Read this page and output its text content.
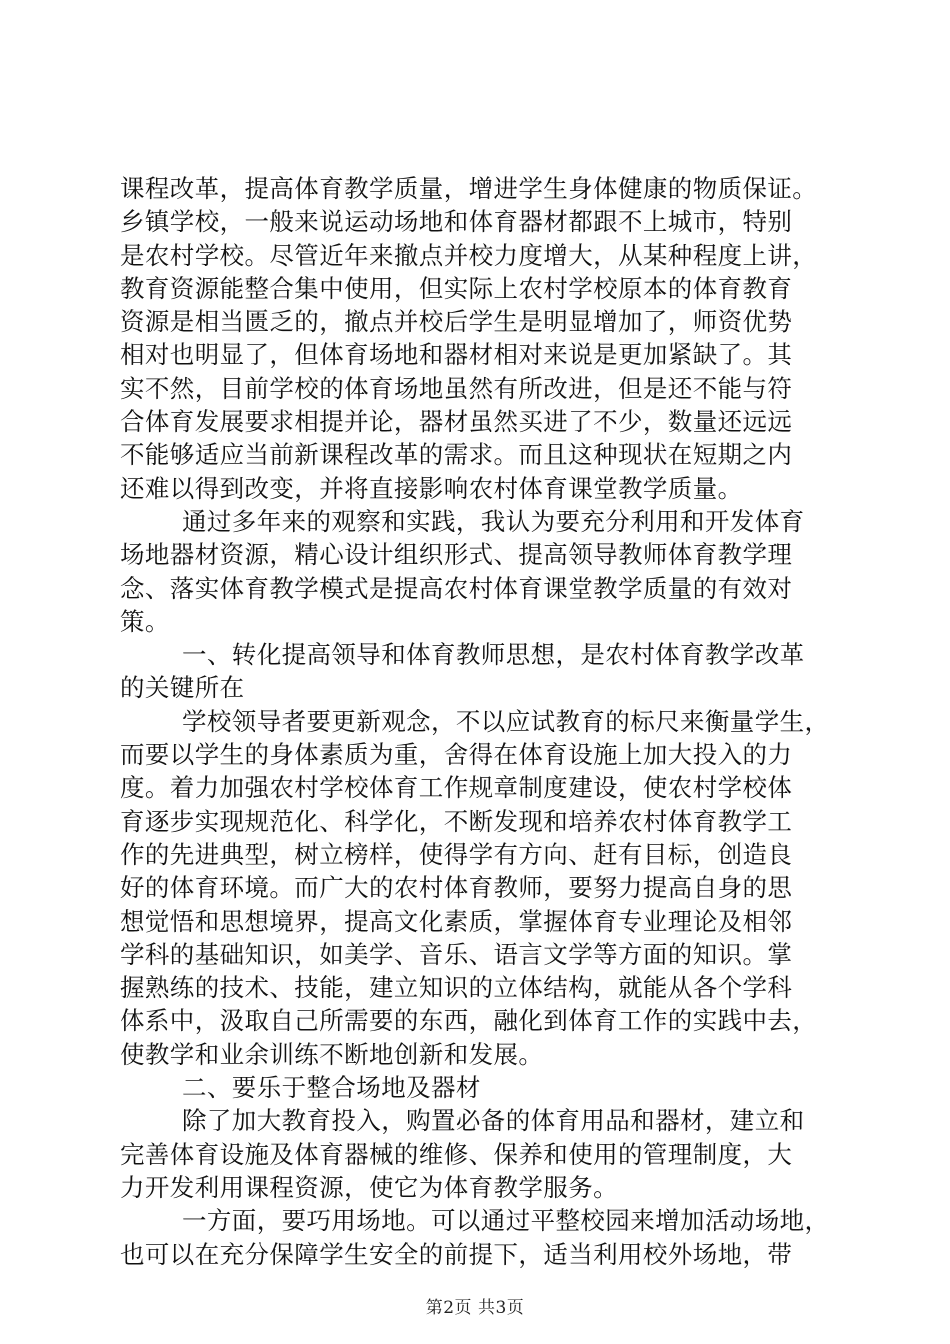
课程改革，提高体育教学质量，增进学生身体健康的物质保证。
乡镇学校，一般来说运动场地和体育器材都跟不上城市，特别
是农村学校。尽管近年来撤点并校力度增大，从某种程度上讲，
教育资源能整合集中使用，但实际上农村学校原本的体育教育
资源是相当匮乏的，撤点并校后学生是明显增加了，师资优势
相对也明显了，但体育场地和器材相对来说是更加紧缺了。其
实不然，目前学校的体育场地虽然有所改进，但是还不能与符
合体育发展要求相提并论，器材虽然买进了不少，数量还远远
不能够适应当前新课程改革的需求。而且这种现状在短期之内
还难以得到改变，并将直接影响农村体育课堂教学质量。
通过多年来的观察和实践，我认为要充分利用和开发体育
场地器材资源，精心设计组织形式、提高领导教师体育教学理
念、落实体育教学模式是提高农村体育课堂教学质量的有效对
策。
一、转化提高领导和体育教师思想，是农村体育教学改革
的关键所在
学校领导者要更新观念，不以应试教育的标尺来衡量学生，
而要以学生的身体素质为重，舍得在体育设施上加大投入的力
度。着力加强农村学校体育工作规章制度建设，使农村学校体
育逐步实现规范化、科学化，不断发现和培养农村体育教学工
作的先进典型，树立榜样，使得学有方向、赶有目标，创造良
好的体育环境。而广大的农村体育教师，要努力提高自身的思
想觉悟和思想境界，提高文化素质，掌握体育专业理论及相邻
学科的基础知识，如美学、音乐、语言文学等方面的知识。掌
握熟练的技术、技能，建立知识的立体结构，就能从各个学科
体系中，汲取自己所需要的东西，融化到体育工作的实践中去，
使教学和业余训练不断地创新和发展。
二、要乐于整合场地及器材
除了加大教育投入，购置必备的体育用品和器材，建立和
完善体育设施及体育器械的维修、保养和使用的管理制度，大
力开发利用课程资源，使它为体育教学服务。
一方面，要巧用场地。可以通过平整校园来增加活动场地，
也可以在充分保障学生安全的前提下，适当利用校外场地，带
第2页 共3页
